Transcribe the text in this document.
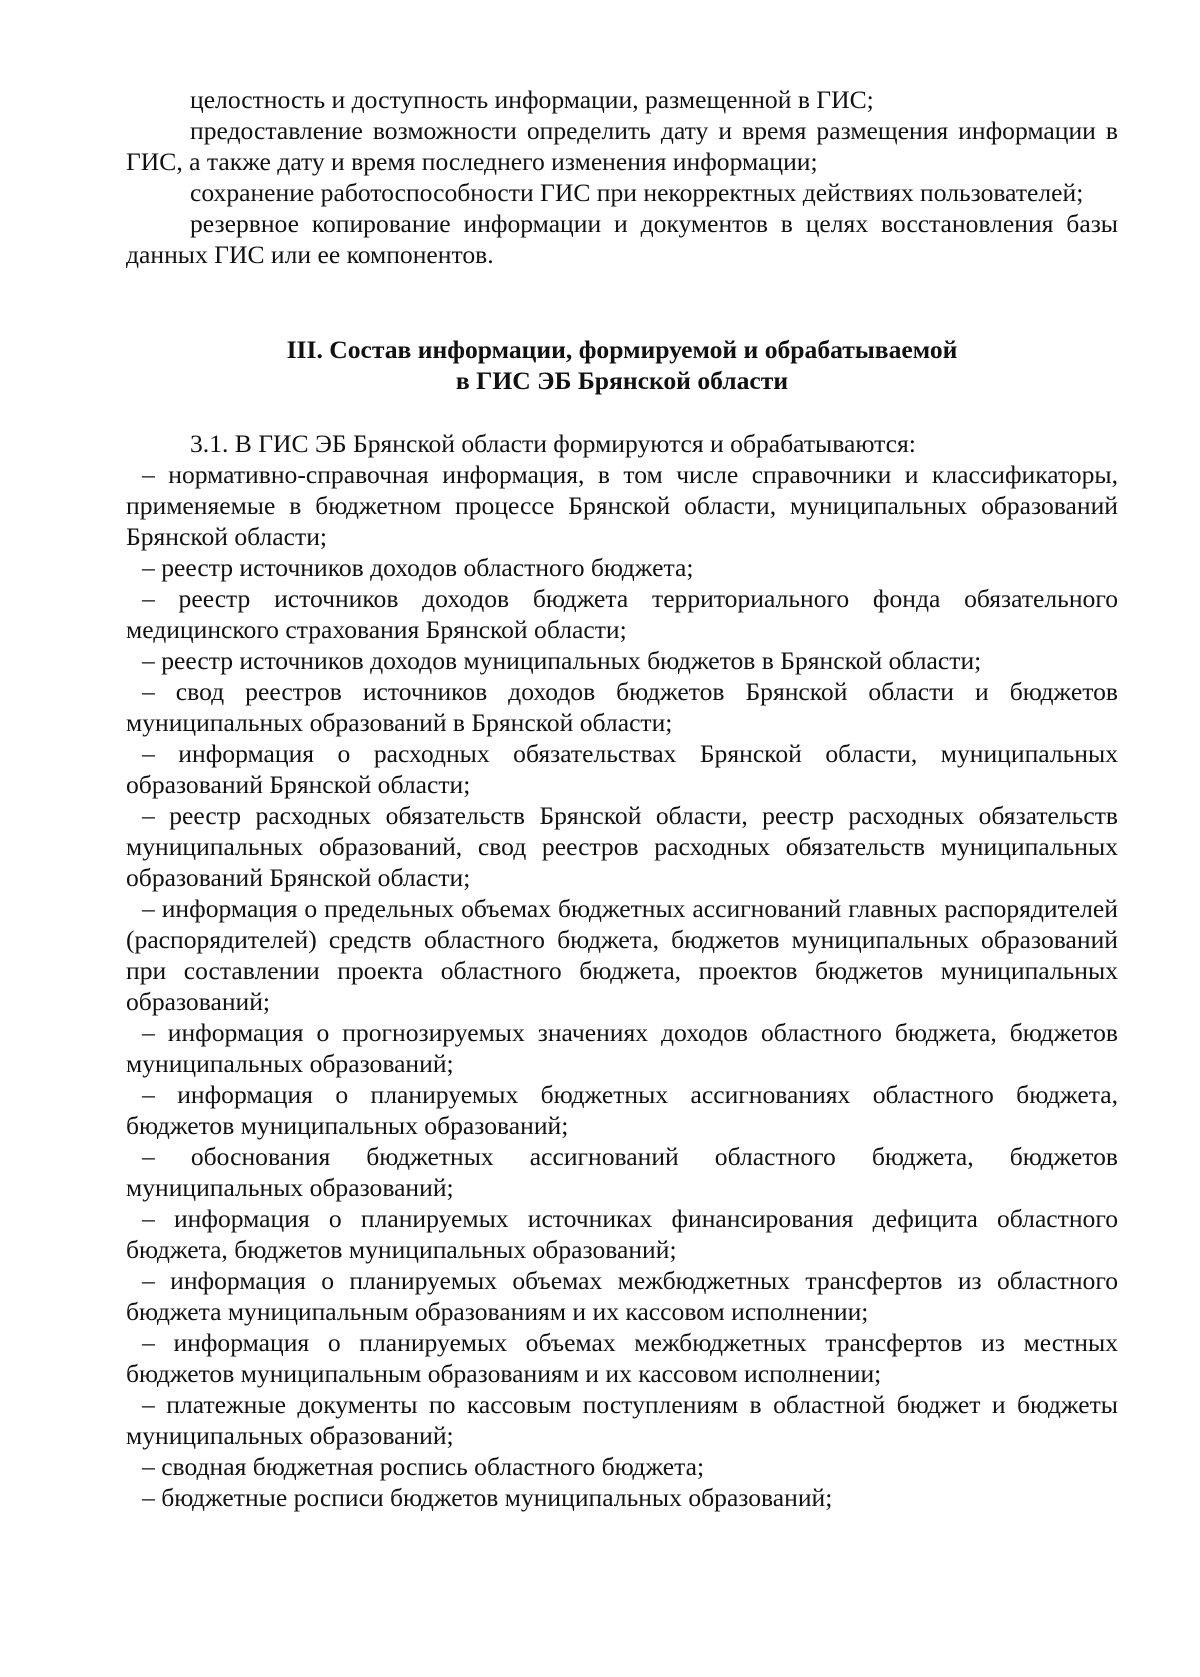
целостность и доступность информации, размещенной в ГИС;

предоставление возможности определить дату и время размещения информации в ГИС, а также дату и время последнего изменения информации;

сохранение работоспособности ГИС при некорректных действиях пользователей;

резервное копирование информации и документов в целях восстановления базы данных ГИС или ее компонентов.

III. Состав информации, формируемой и обрабатываемой
в ГИС ЭБ Брянской области

3.1. В ГИС ЭБ Брянской области формируются и обрабатываются:

– нормативно-справочная информация, в том числе справочники и классификаторы, применяемые в бюджетном процессе Брянской области, муниципальных образований Брянской области;

– реестр источников доходов областного бюджета;

– реестр источников доходов бюджета территориального фонда обязательного медицинского страхования Брянской области;

– реестр источников доходов муниципальных бюджетов в Брянской области;

– свод реестров источников доходов бюджетов Брянской области и бюджетов муниципальных образований в Брянской области;

– информация о расходных обязательствах Брянской области, муниципальных образований Брянской области;

– реестр расходных обязательств Брянской области, реестр расходных обязательств муниципальных образований, свод реестров расходных обязательств муниципальных образований Брянской области;

– информация о предельных объемах бюджетных ассигнований главных распорядителей (распорядителей) средств областного бюджета, бюджетов муниципальных образований при составлении проекта областного бюджета, проектов бюджетов муниципальных образований;

– информация о прогнозируемых значениях доходов областного бюджета, бюджетов муниципальных образований;

– информация о планируемых бюджетных ассигнованиях областного бюджета, бюджетов муниципальных образований;

– обоснования бюджетных ассигнований областного бюджета, бюджетов муниципальных образований;

– информация о планируемых источниках финансирования дефицита областного бюджета, бюджетов муниципальных образований;

– информация о планируемых объемах межбюджетных трансфертов из областного бюджета муниципальным образованиям и их кассовом исполнении;

– информация о планируемых объемах межбюджетных трансфертов из местных бюджетов муниципальным образованиям и их кассовом исполнении;

– платежные документы по кассовым поступлениям в областной бюджет и бюджеты муниципальных образований;

– сводная бюджетная роспись областного бюджета;

– бюджетные росписи бюджетов муниципальных образований;
